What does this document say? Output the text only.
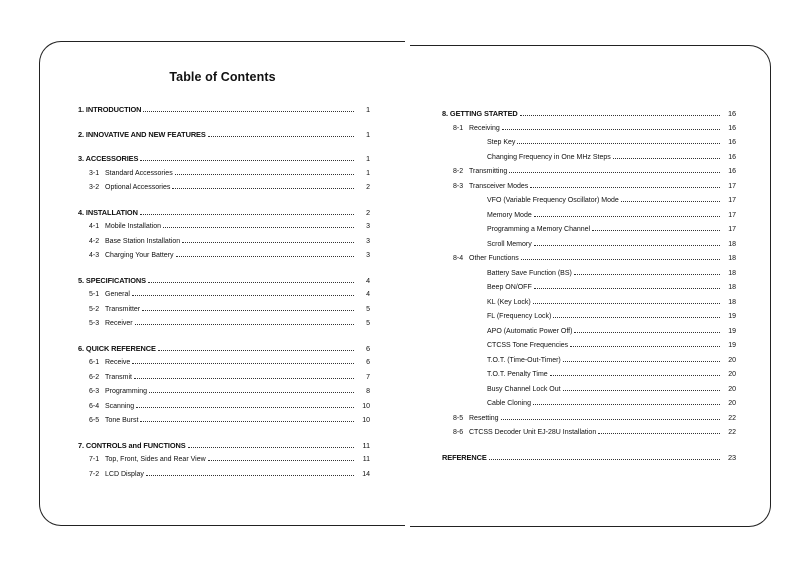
Table of Contents
1. INTRODUCTION	1
2. INNOVATIVE AND NEW FEATURES	1
3. ACCESSORIES	1
3-1 Standard Accessories	1
3-2 Optional Accessories	2
4. INSTALLATION	2
4-1 Mobile Installation	3
4-2 Base Station Installation	3
4-3 Charging Your Battery	3
5. SPECIFICATIONS	4
5-1 General	4
5-2 Transmitter	5
5-3 Receiver	5
6. QUICK REFERENCE	6
6-1 Receive	6
6-2 Transmit	7
6-3 Programming	8
6-4 Scanning	10
6-5 Tone Burst	10
7. CONTROLS and FUNCTIONS	11
7-1 Top, Front, Sides and Rear View	11
7-2 LCD Display	14
8. GETTING STARTED	16
8-1 Receiving	16
Step Key	16
Changing Frequency in One MHz Steps	16
8-2 Transmitting	16
8-3 Transceiver Modes	17
VFO (Variable Frequency Oscillator) Mode	17
Memory Mode	17
Programming a Memory Channel	17
Scroll Memory	18
8-4 Other Functions	18
Battery Save Function (BS)	18
Beep ON/OFF	18
KL (Key Lock)	18
FL (Frequency Lock)	19
APO (Automatic Power Off)	19
CTCSS Tone Frequencies	19
T.O.T. (Time-Out-Timer)	20
T.O.T. Penalty Time	20
Busy Channel Lock Out	20
Cable Cloning	20
8-5 Resetting	22
8-6 CTCSS Decoder Unit EJ-28U Installation	22
REFERENCE	23
